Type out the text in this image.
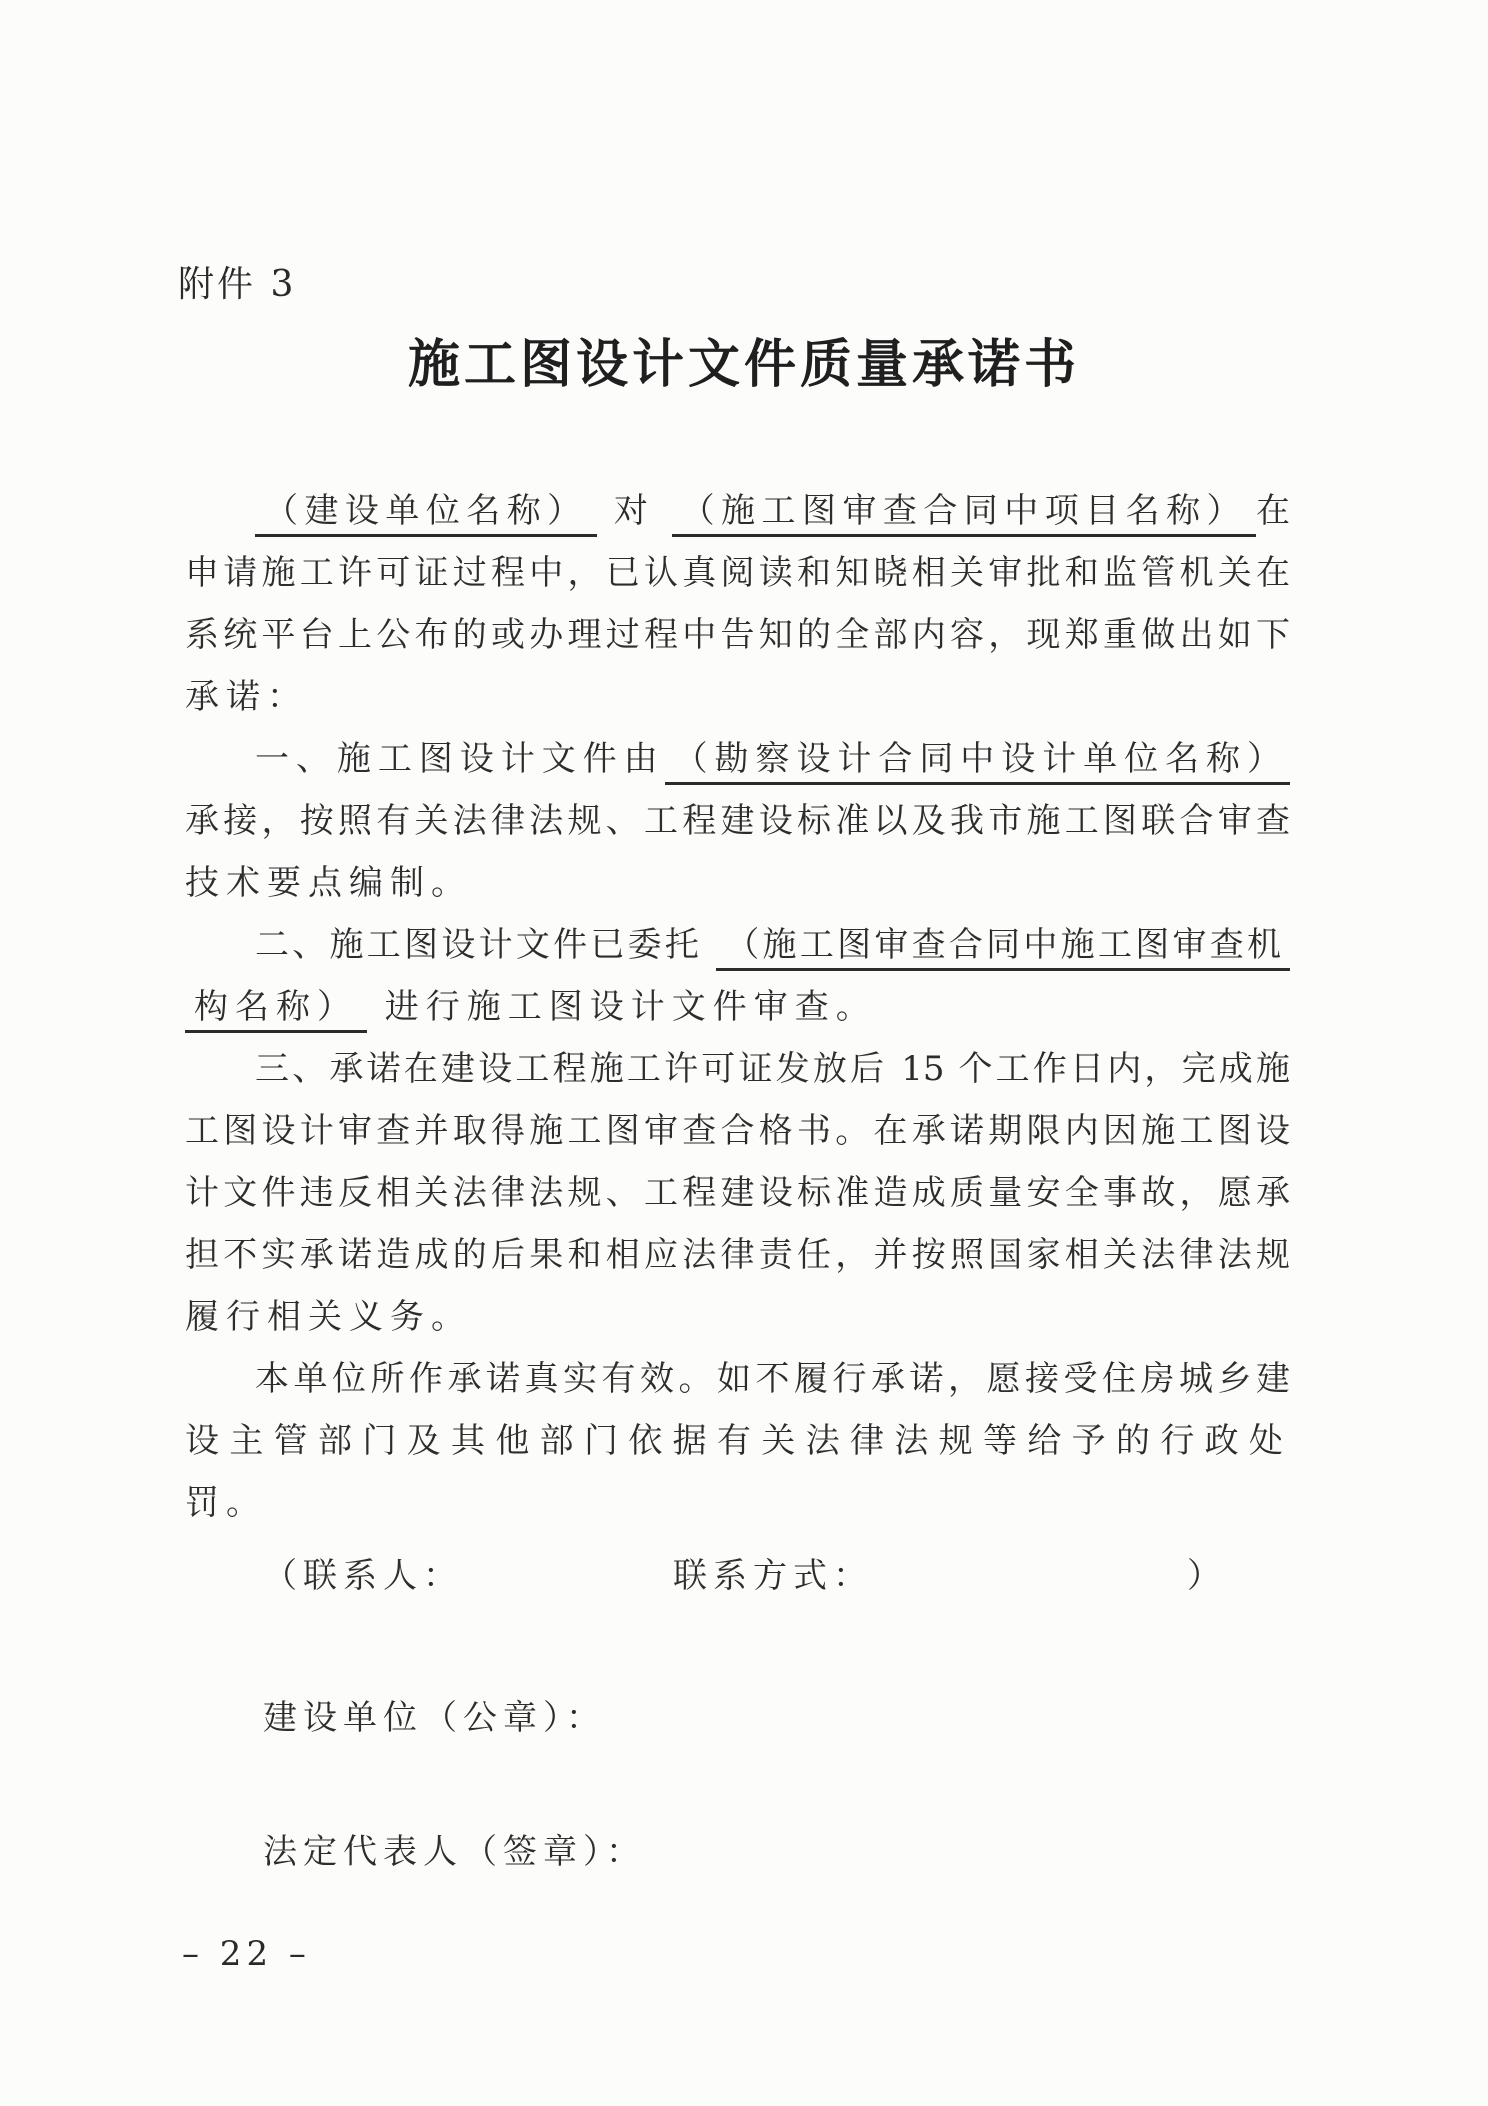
附件 3
施工图设计文件质量承诺书
（建设单位名称） 对 （施工图审查合同中项目名称） 在
申请施工许可证过程中，已认真阅读和知晓相关审批和监管机关在
系统平台上公布的或办理过程中告知的全部内容，现郑重做出如下
承诺：
一、施工图设计文件由 （勘察设计合同中设计单位名称）
承接，按照有关法律法规、工程建设标准以及我市施工图联合审查
技术要点编制。
二、施工图设计文件已委托 （施工图审查合同中施工图审查机
构名称） 进行施工图设计文件审查。
三、承诺在建设工程施工许可证发放后 15 个工作日内，完成施
工图设计审查并取得施工图审查合格书。在承诺期限内因施工图设
计文件违反相关法律法规、工程建设标准造成质量安全事故，愿承
担不实承诺造成的后果和相应法律责任，并按照国家相关法律法规
履行相关义务。
本单位所作承诺真实有效。如不履行承诺，愿接受住房城乡建
设主管部门及其他部门依据有关法律法规等给予的行政处罚。
（联系人：	联系方式：	）
建设单位（公章）：
法定代表人（签章）：
– 22 –
